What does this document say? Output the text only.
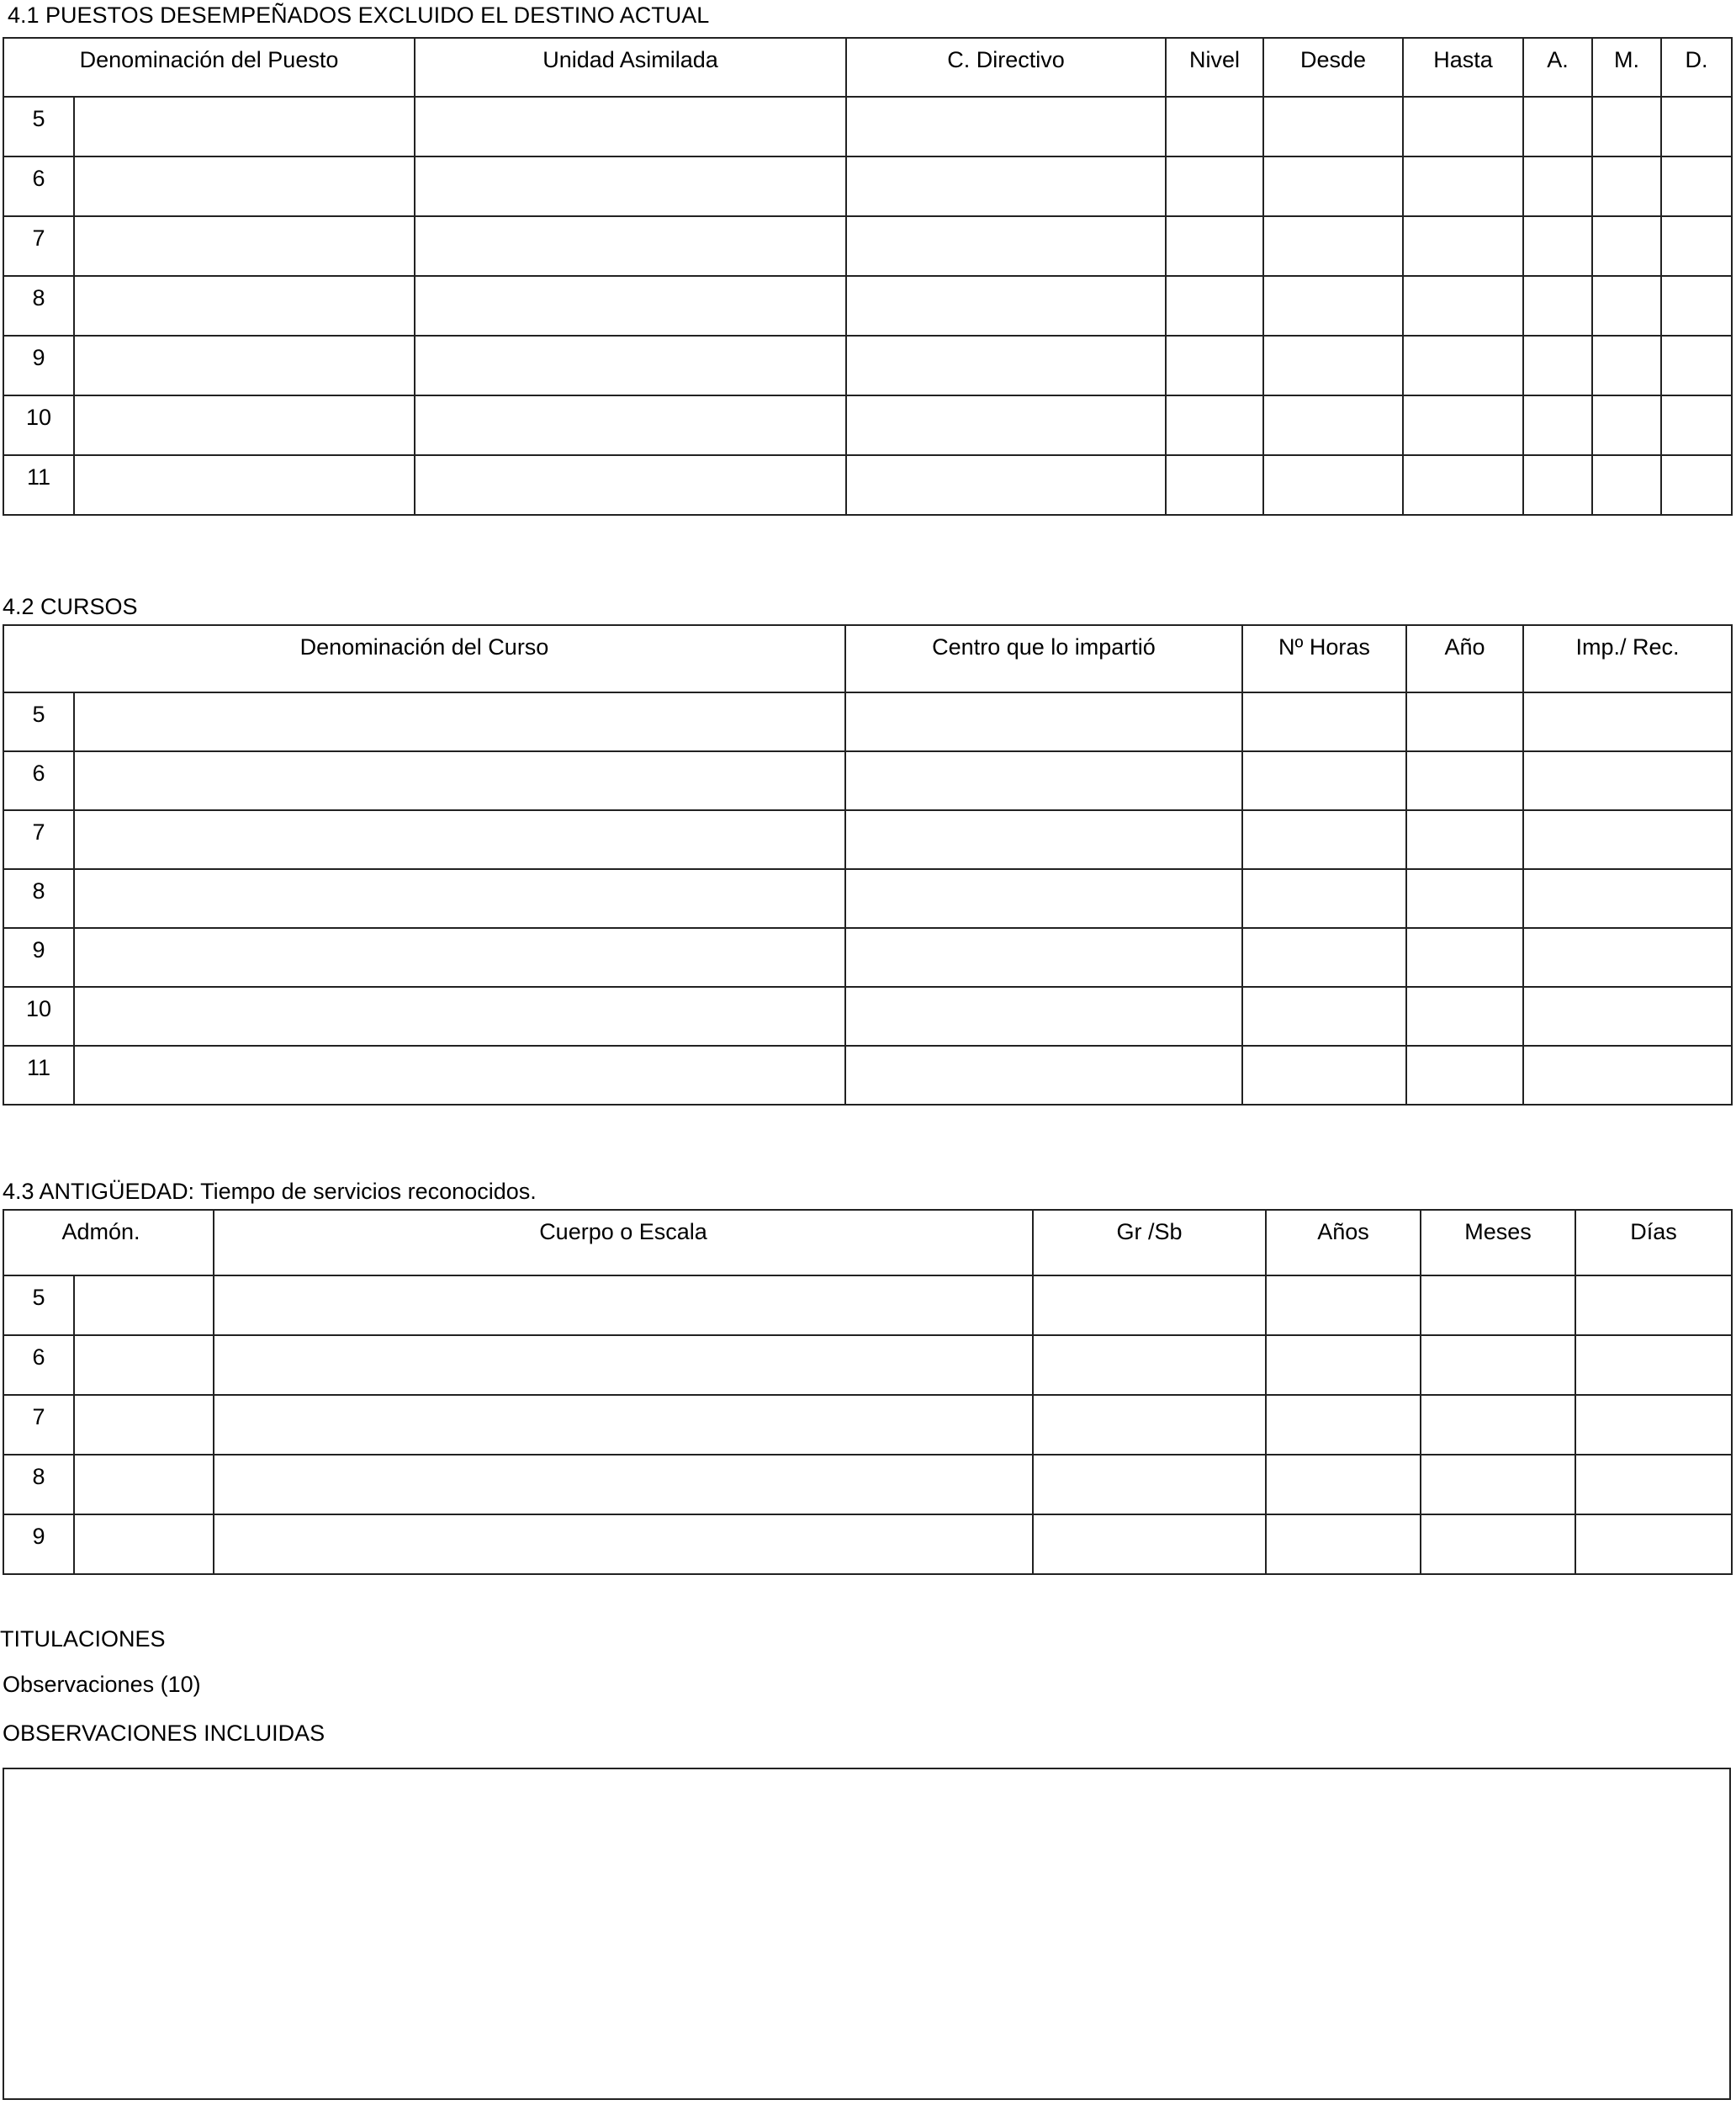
4.1 PUESTOS DESEMPEÑADOS EXCLUIDO EL DESTINO ACTUAL
Denominación del Puesto		Unidad Asimilada	C. Directivo	Nivel	Desde	Hasta	A.	M.	D.
5									
6									
7									
8									
9									
10									
11									
4.2 CURSOS
Denominación del Curso		Centro que lo impartió	Nº Horas	Año	Imp./ Rec.
5					
6					
7					
8					
9					
10					
11					
4.3 ANTIGÜEDAD: Tiempo de servicios reconocidos.
Admón.		Cuerpo o Escala	Gr /Sb	Años	Meses	Días
5						
6						
7						
8						
9						
TITULACIONES
Observaciones (10)
OBSERVACIONES INCLUIDAS
